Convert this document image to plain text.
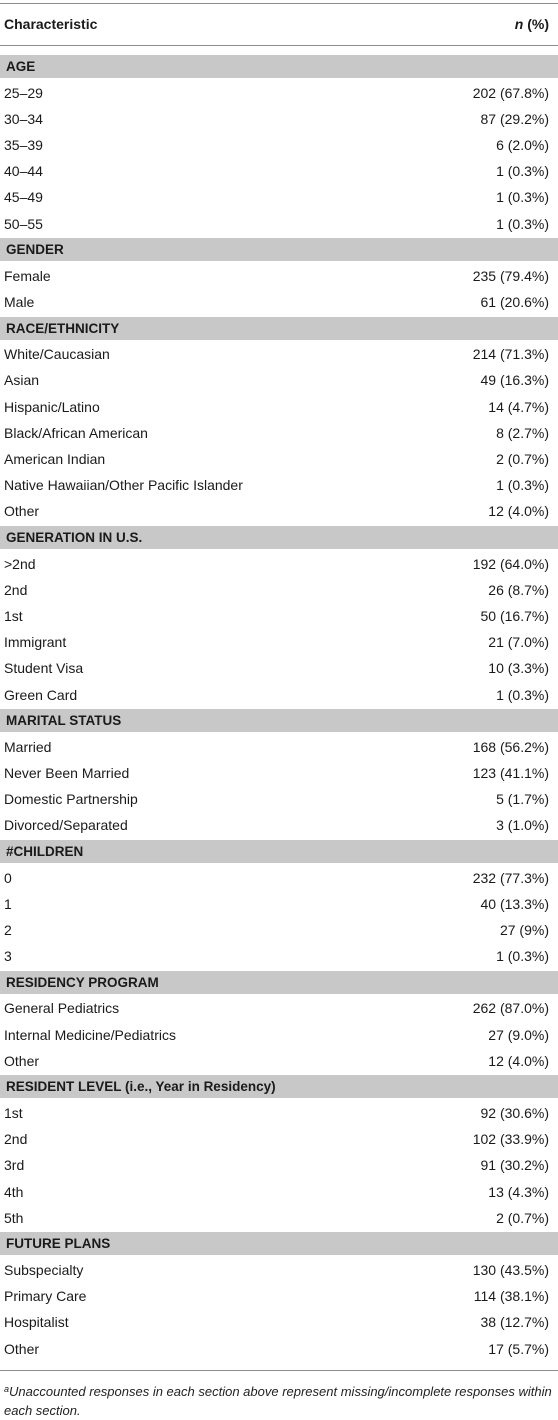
Characteristic	n (%)
AGE
25–29	202 (67.8%)
30–34	87 (29.2%)
35–39	6 (2.0%)
40–44	1 (0.3%)
45–49	1 (0.3%)
50–55	1 (0.3%)
GENDER
Female	235 (79.4%)
Male	61 (20.6%)
RACE/ETHNICITY
White/Caucasian	214 (71.3%)
Asian	49 (16.3%)
Hispanic/Latino	14 (4.7%)
Black/African American	8 (2.7%)
American Indian	2 (0.7%)
Native Hawaiian/Other Pacific Islander	1 (0.3%)
Other	12 (4.0%)
GENERATION IN U.S.
>2nd	192 (64.0%)
2nd	26 (8.7%)
1st	50 (16.7%)
Immigrant	21 (7.0%)
Student Visa	10 (3.3%)
Green Card	1 (0.3%)
MARITAL STATUS
Married	168 (56.2%)
Never Been Married	123 (41.1%)
Domestic Partnership	5 (1.7%)
Divorced/Separated	3 (1.0%)
#CHILDREN
0	232 (77.3%)
1	40 (13.3%)
2	27 (9%)
3	1 (0.3%)
RESIDENCY PROGRAM
General Pediatrics	262 (87.0%)
Internal Medicine/Pediatrics	27 (9.0%)
Other	12 (4.0%)
RESIDENT LEVEL (i.e., Year in Residency)
1st	92 (30.6%)
2nd	102 (33.9%)
3rd	91 (30.2%)
4th	13 (4.3%)
5th	2 (0.7%)
FUTURE PLANS
Subspecialty	130 (43.5%)
Primary Care	114 (38.1%)
Hospitalist	38 (12.7%)
Other	17 (5.7%)
$^a$Unaccounted responses in each section above represent missing/incomplete responses within each section.
